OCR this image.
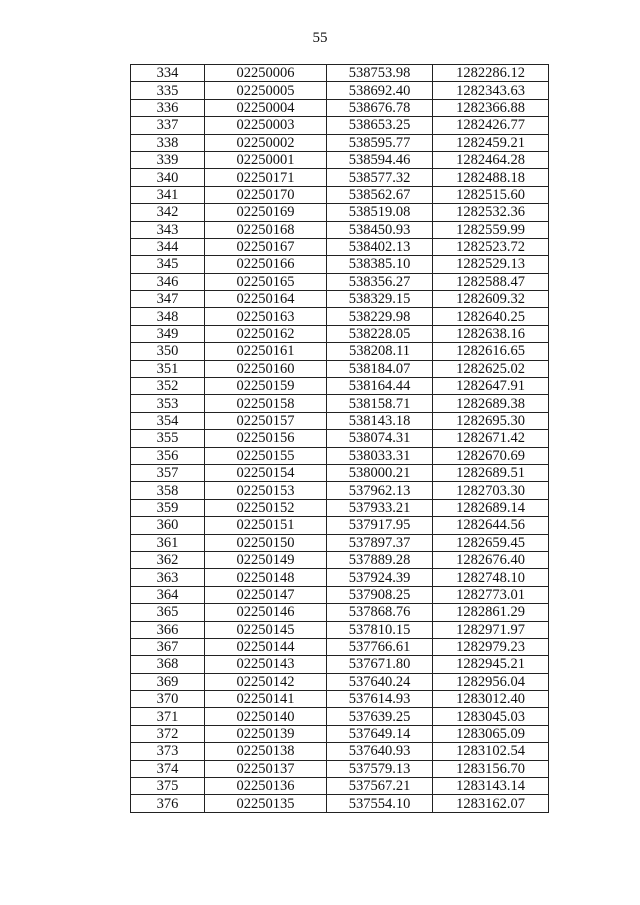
55
334	02250006	538753.98	1282286.12
335	02250005	538692.40	1282343.63
336	02250004	538676.78	1282366.88
337	02250003	538653.25	1282426.77
338	02250002	538595.77	1282459.21
339	02250001	538594.46	1282464.28
340	02250171	538577.32	1282488.18
341	02250170	538562.67	1282515.60
342	02250169	538519.08	1282532.36
343	02250168	538450.93	1282559.99
344	02250167	538402.13	1282523.72
345	02250166	538385.10	1282529.13
346	02250165	538356.27	1282588.47
347	02250164	538329.15	1282609.32
348	02250163	538229.98	1282640.25
349	02250162	538228.05	1282638.16
350	02250161	538208.11	1282616.65
351	02250160	538184.07	1282625.02
352	02250159	538164.44	1282647.91
353	02250158	538158.71	1282689.38
354	02250157	538143.18	1282695.30
355	02250156	538074.31	1282671.42
356	02250155	538033.31	1282670.69
357	02250154	538000.21	1282689.51
358	02250153	537962.13	1282703.30
359	02250152	537933.21	1282689.14
360	02250151	537917.95	1282644.56
361	02250150	537897.37	1282659.45
362	02250149	537889.28	1282676.40
363	02250148	537924.39	1282748.10
364	02250147	537908.25	1282773.01
365	02250146	537868.76	1282861.29
366	02250145	537810.15	1282971.97
367	02250144	537766.61	1282979.23
368	02250143	537671.80	1282945.21
369	02250142	537640.24	1282956.04
370	02250141	537614.93	1283012.40
371	02250140	537639.25	1283045.03
372	02250139	537649.14	1283065.09
373	02250138	537640.93	1283102.54
374	02250137	537579.13	1283156.70
375	02250136	537567.21	1283143.14
376	02250135	537554.10	1283162.07
